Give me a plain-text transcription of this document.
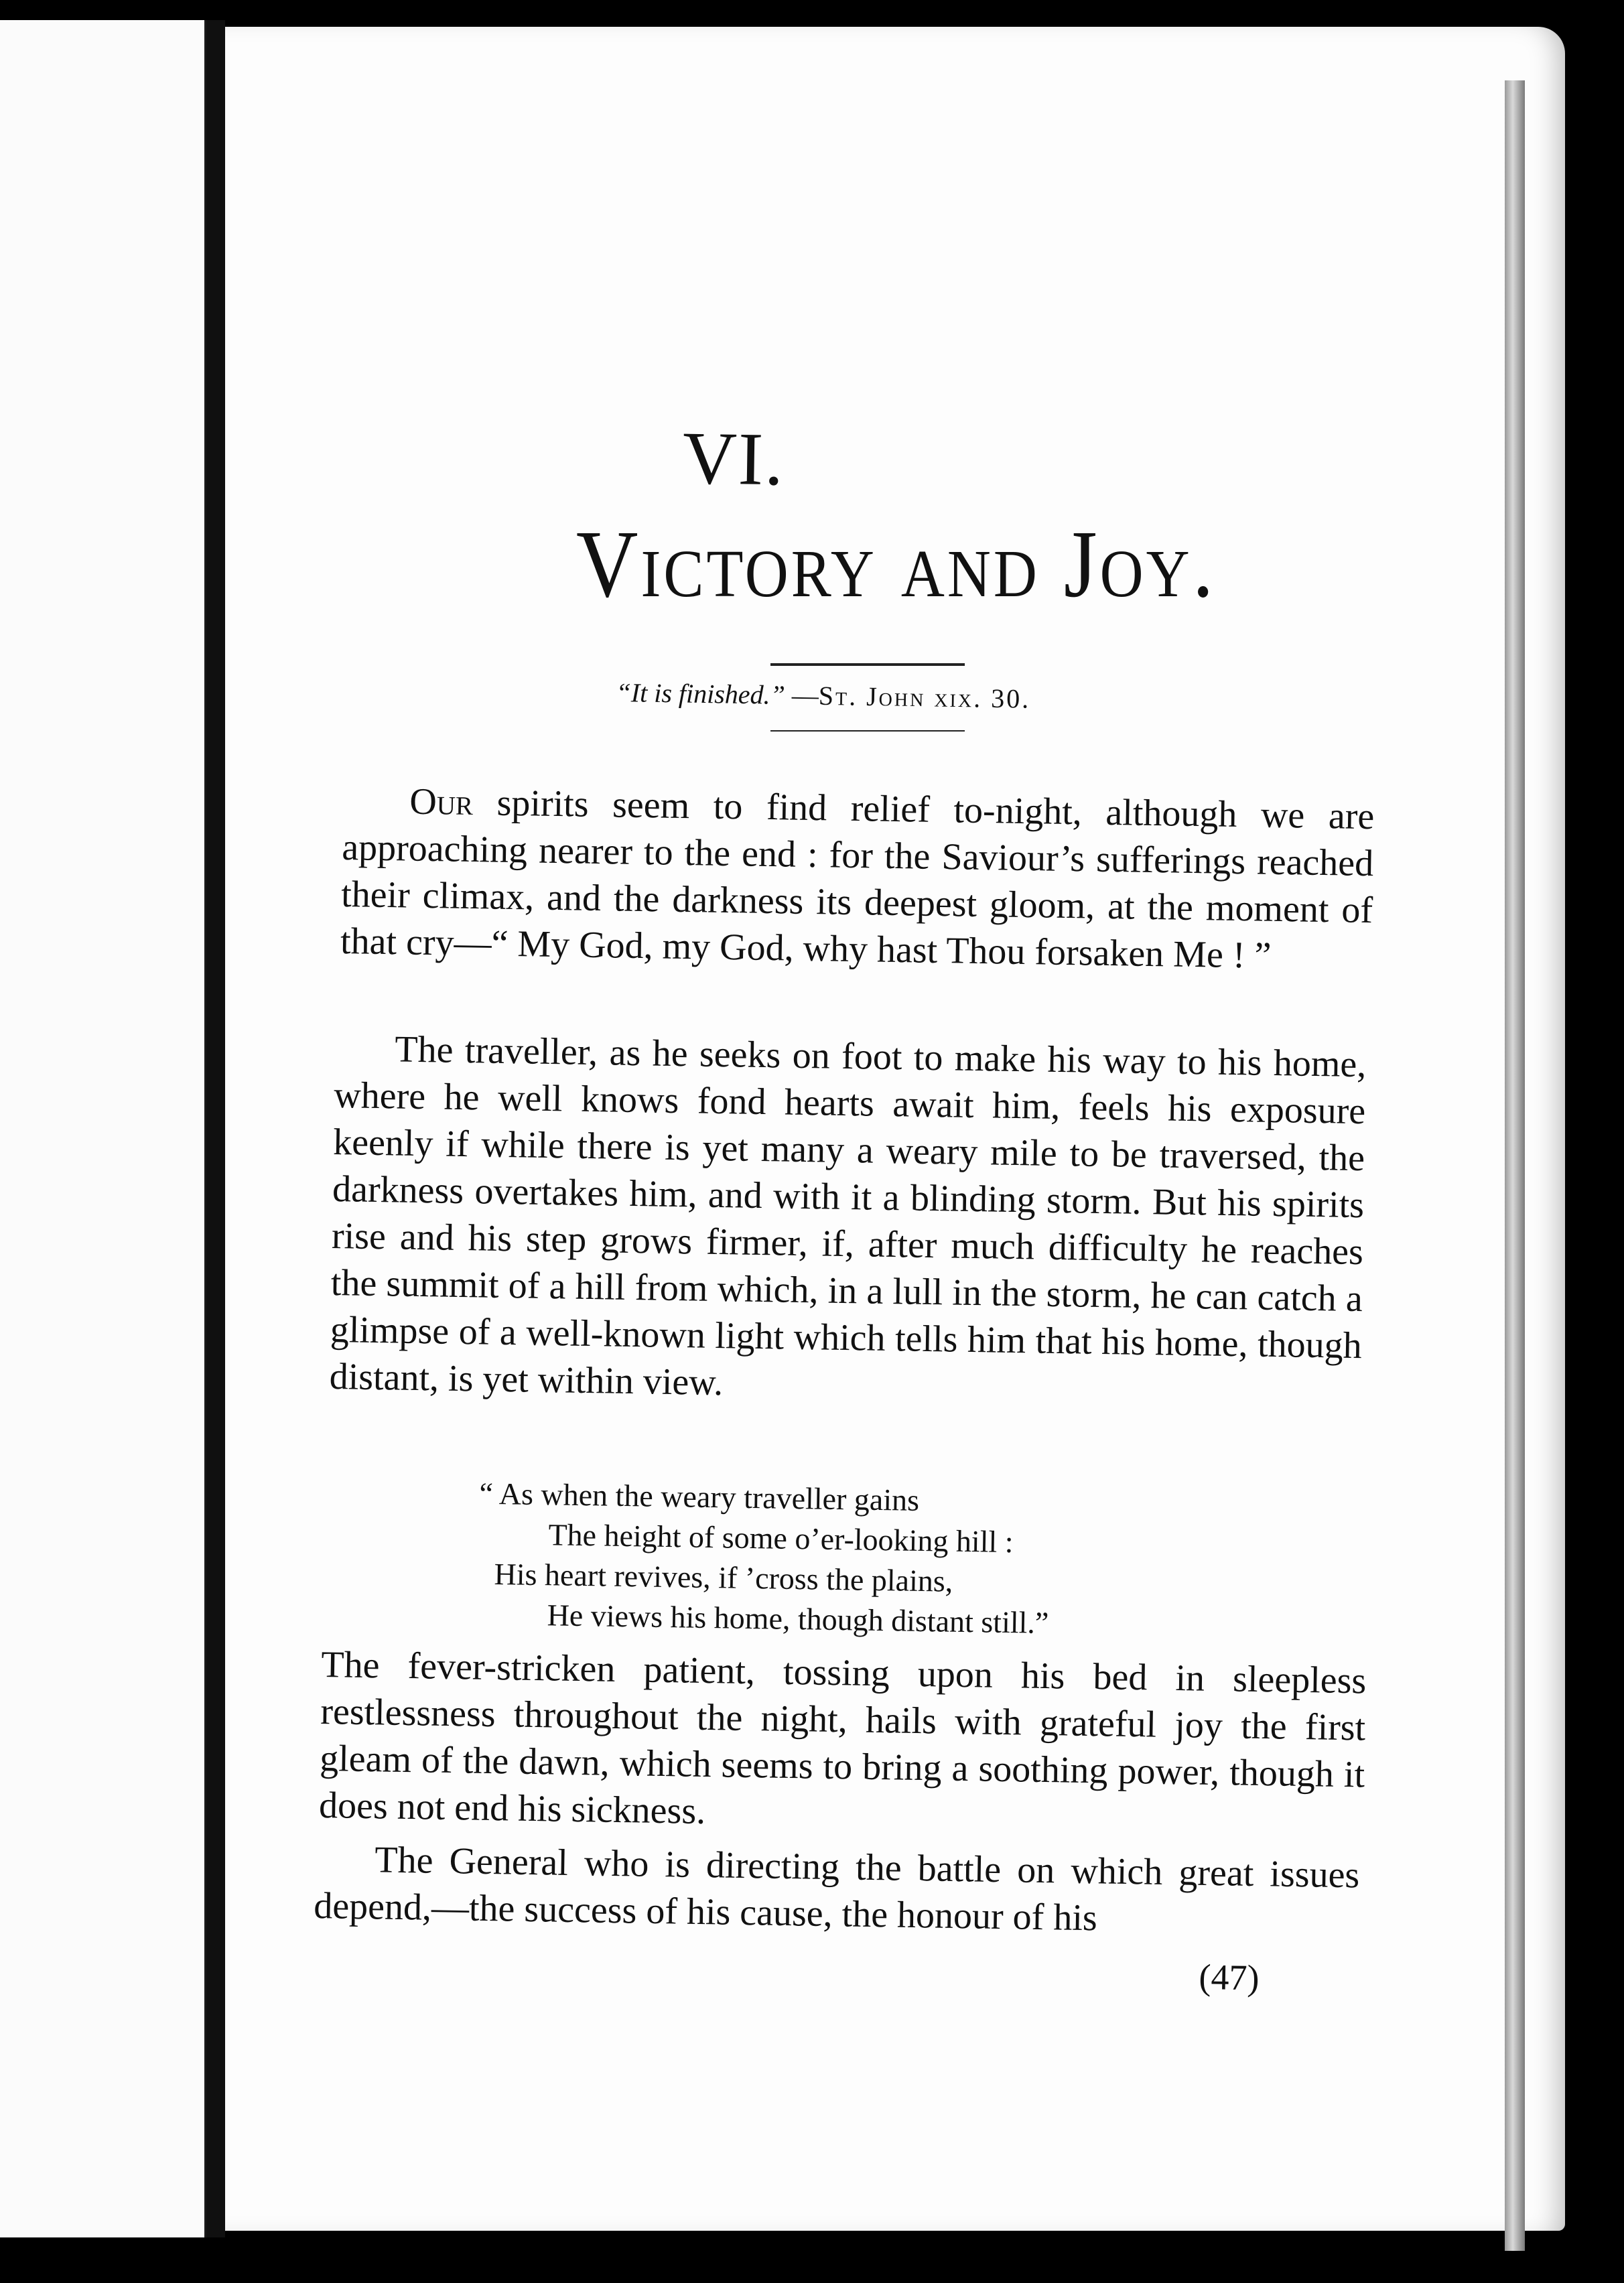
VI.
Victory and Joy.
“It is finished.” —St. John xix. 30.
Our spirits seem to find relief to-night, although we are approaching nearer to the end : for the Saviour’s sufferings reached their climax, and the darkness its deepest gloom, at the moment of that cry—“ My God, my God, why hast Thou forsaken Me ! ”
The traveller, as he seeks on foot to make his way to his home, where he well knows fond hearts await him, feels his exposure keenly if while there is yet many a weary mile to be traversed, the darkness overtakes him, and with it a blinding storm. But his spirits rise and his step grows firmer, if, after much difficulty he reaches the summit of a hill from which, in a lull in the storm, he can catch a glimpse of a well-known light which tells him that his home, though distant, is yet within view.
“ As when the weary traveller gains
The height of some o’er-looking hill :
His heart revives, if ’cross the plains,
He views his home, though distant still.”
The fever-stricken patient, tossing upon his bed in sleepless restlessness throughout the night, hails with grateful joy the first gleam of the dawn, which seems to bring a soothing power, though it does not end his sickness.
The General who is directing the battle on which great issues depend,—the success of his cause, the honour of his
(47)
